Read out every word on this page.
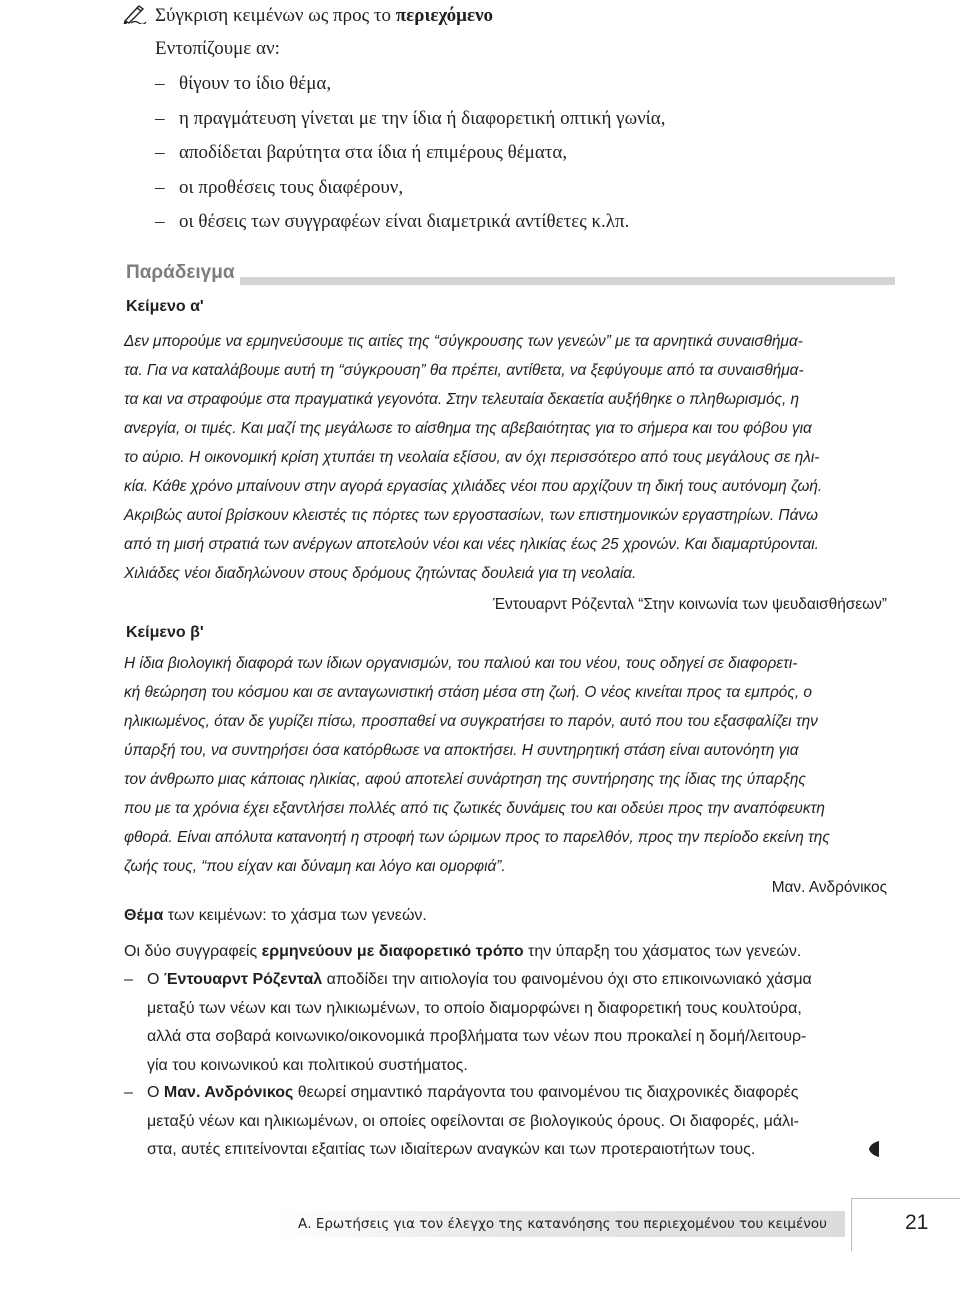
Σύγκριση κειμένων ως προς το περιεχόμενο
Εντοπίζουμε αν:
– θίγουν το ίδιο θέμα,
– η πραγμάτευση γίνεται με την ίδια ή διαφορετική οπτική γωνία,
– αποδίδεται βαρύτητα στα ίδια ή επιμέρους θέματα,
– οι προθέσεις τους διαφέρουν,
– οι θέσεις των συγγραφέων είναι διαμετρικά αντίθετες κ.λπ.
Παράδειγμα
Κείμενο α'
Δεν μπορούμε να ερμηνεύσουμε τις αιτίες της “σύγκρουσης των γενεών” με τα αρνητικά συναισθήμα-
τα. Για να καταλάβουμε αυτή τη “σύγκρουση” θα πρέπει, αντίθετα, να ξεφύγουμε από τα συναισθήμα-
τα και να στραφούμε στα πραγματικά γεγονότα. Στην τελευταία δεκαετία αυξήθηκε ο πληθωρισμός, η
ανεργία, οι τιμές. Και μαζί της μεγάλωσε το αίσθημα της αβεβαιότητας για το σήμερα και του φόβου για
το αύριο. Η οικονομική κρίση χτυπάει τη νεολαία εξίσου, αν όχι περισσότερο από τους μεγάλους σε ηλι-
κία. Κάθε χρόνο μπαίνουν στην αγορά εργασίας χιλιάδες νέοι που αρχίζουν τη δική τους αυτόνομη ζωή.
Ακριβώς αυτοί βρίσκουν κλειστές τις πόρτες των εργοστασίων, των επιστημονικών εργαστηρίων. Πάνω
από τη μισή στρατιά των ανέργων αποτελούν νέοι και νέες ηλικίας έως 25 χρονών. Και διαμαρτύρονται.
Χιλιάδες νέοι διαδηλώνουν στους δρόμους ζητώντας δουλειά για τη νεολαία.
Έντουαρντ Ρόζενταλ “Στην κοινωνία των ψευδαισθήσεων”
Κείμενο β'
Η ίδια βιολογική διαφορά των ίδιων οργανισμών, του παλιού και του νέου, τους οδηγεί σε διαφορετι-
κή θεώρηση του κόσμου και σε ανταγωνιστική στάση μέσα στη ζωή. Ο νέος κινείται προς τα εμπρός, ο
ηλικιωμένος, όταν δε γυρίζει πίσω, προσπαθεί να συγκρατήσει το παρόν, αυτό που του εξασφαλίζει την
ύπαρξή του, να συντηρήσει όσα κατόρθωσε να αποκτήσει. Η συντηρητική στάση είναι αυτονόητη για
τον άνθρωπο μιας κάποιας ηλικίας, αφού αποτελεί συνάρτηση της συντήρησης της ίδιας της ύπαρξης
που με τα χρόνια έχει εξαντλήσει πολλές από τις ζωτικές δυνάμεις του και οδεύει προς την αναπόφευκτη
φθορά. Είναι απόλυτα κατανοητή η στροφή των ώριμων προς το παρελθόν, προς την περίοδο εκείνη της
ζωής τους, “που είχαν και δύναμη και λόγο και ομορφιά”.
Μαν. Ανδρόνικος
Θέμα των κειμένων: το χάσμα των γενεών.
Οι δύο συγγραφείς ερμηνεύουν με διαφορετικό τρόπο την ύπαρξη του χάσματος των γενεών.
– Ο Έντουαρντ Ρόζενταλ αποδίδει την αιτιολογία του φαινομένου όχι στο επικοινωνιακό χάσμα
μεταξύ των νέων και των ηλικιωμένων, το οποίο διαμορφώνει η διαφορετική τους κουλτούρα,
αλλά στα σοβαρά κοινωνικο/οικονομικά προβλήματα των νέων που προκαλεί η δομή/λειτουρ-
γία του κοινωνικού και πολιτικού συστήματος.
– Ο Μαν. Ανδρόνικος θεωρεί σημαντικό παράγοντα του φαινομένου τις διαχρονικές διαφορές
μεταξύ νέων και ηλικιωμένων, οι οποίες οφείλονται σε βιολογικούς όρους. Οι διαφορές, μάλι-
στα, αυτές επιτείνονται εξαιτίας των ιδιαίτερων αναγκών και των προτεραιοτήτων τους.
Α. Ερωτήσεις για τον έλεγχο της κατανόησης του περιεχομένου του κειμένου	21
